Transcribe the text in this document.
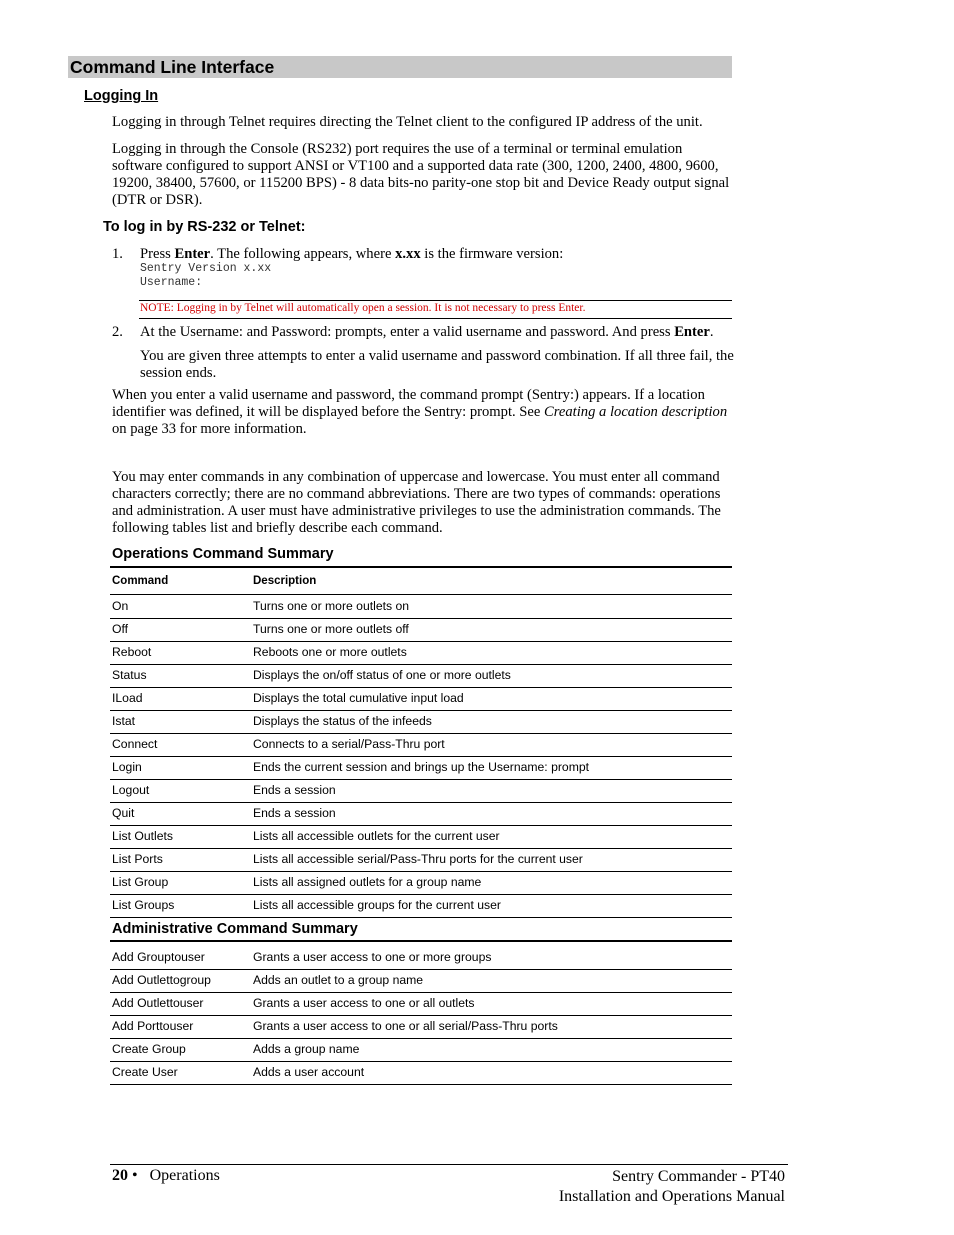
Command Line Interface
Logging In
Logging in through Telnet requires directing the Telnet client to the configured IP address of the unit.
Logging in through the Console (RS232) port requires the use of a terminal or terminal emulation software configured to support ANSI or VT100 and a supported data rate (300, 1200, 2400, 4800, 9600, 19200, 38400, 57600, or 115200 BPS) - 8 data bits-no parity-one stop bit and Device Ready output signal (DTR or DSR).
To log in by RS-232 or Telnet:
1. Press Enter. The following appears, where x.xx is the firmware version:
Sentry Version x.xx
Username:
NOTE: Logging in by Telnet will automatically open a session. It is not necessary to press Enter.
2. At the Username: and Password: prompts, enter a valid username and password. And press Enter.
You are given three attempts to enter a valid username and password combination. If all three fail, the session ends.
When you enter a valid username and password, the command prompt (Sentry:) appears. If a location identifier was defined, it will be displayed before the Sentry: prompt. See Creating a location description on page 33 for more information.
You may enter commands in any combination of uppercase and lowercase. You must enter all command characters correctly; there are no command abbreviations. There are two types of commands: operations and administration. A user must have administrative privileges to use the administration commands. The following tables list and briefly describe each command.
Operations Command Summary
Command	Description
On	Turns one or more outlets on
Off	Turns one or more outlets off
Reboot	Reboots one or more outlets
Status	Displays the on/off status of one or more outlets
ILoad	Displays the total cumulative input load
Istat	Displays the status of the infeeds
Connect	Connects to a serial/Pass-Thru port
Login	Ends the current session and brings up the Username: prompt
Logout	Ends a session
Quit	Ends a session
List Outlets	Lists all accessible outlets for the current user
List Ports	Lists all accessible serial/Pass-Thru ports for the current user
List Group	Lists all assigned outlets for a group name
List Groups	Lists all accessible groups for the current user
Administrative Command Summary
Add Grouptouser	Grants a user access to one or more groups
Add Outlettogroup	Adds an outlet to a group name
Add Outlettouser	Grants a user access to one or all outlets
Add Porttouser	Grants a user access to one or all serial/Pass-Thru ports
Create Group	Adds a group name
Create User	Adds a user account
20 • Operations	Sentry Commander - PT40
Installation and Operations Manual
